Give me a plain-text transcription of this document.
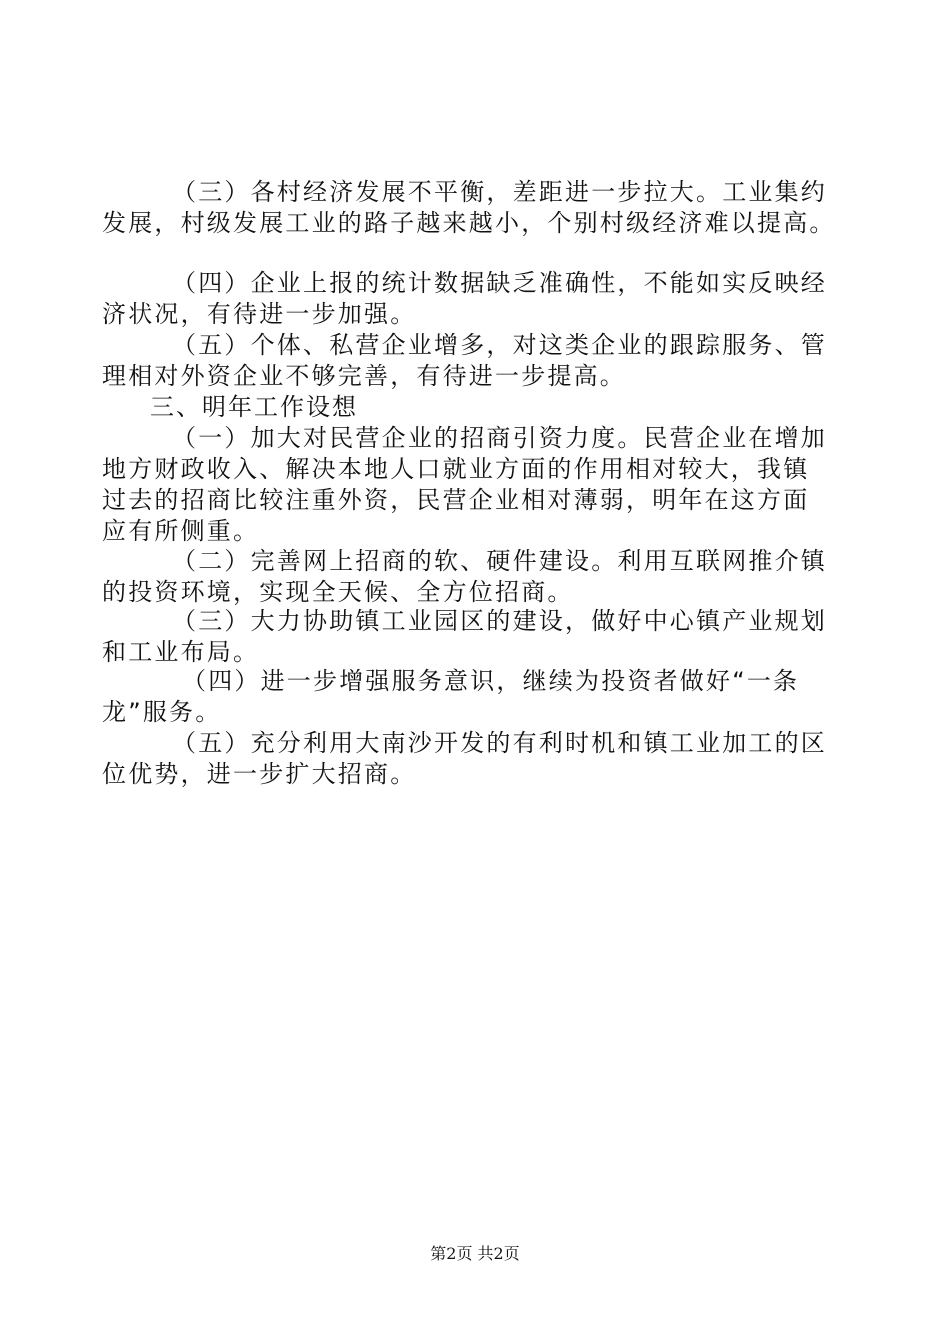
（三）各村经济发展不平衡，差距进一步拉大。工业集约
发展，村级发展工业的路子越来越小，个别村级经济难以提高。
（四）企业上报的统计数据缺乏准确性，不能如实反映经
济状况，有待进一步加强。
（五）个体、私营企业增多，对这类企业的跟踪服务、管
理相对外资企业不够完善，有待进一步提高。
三、明年工作设想
（一）加大对民营企业的招商引资力度。民营企业在增加
地方财政收入、解决本地人口就业方面的作用相对较大，我镇
过去的招商比较注重外资，民营企业相对薄弱，明年在这方面
应有所侧重。
（二）完善网上招商的软、硬件建设。利用互联网推介镇
的投资环境，实现全天候、全方位招商。
（三）大力协助镇工业园区的建设，做好中心镇产业规划
和工业布局。
（四）进一步增强服务意识，继续为投资者做好“一条
龙”服务。
（五）充分利用大南沙开发的有利时机和镇工业加工的区
位优势，进一步扩大招商。
第2页 共2页
